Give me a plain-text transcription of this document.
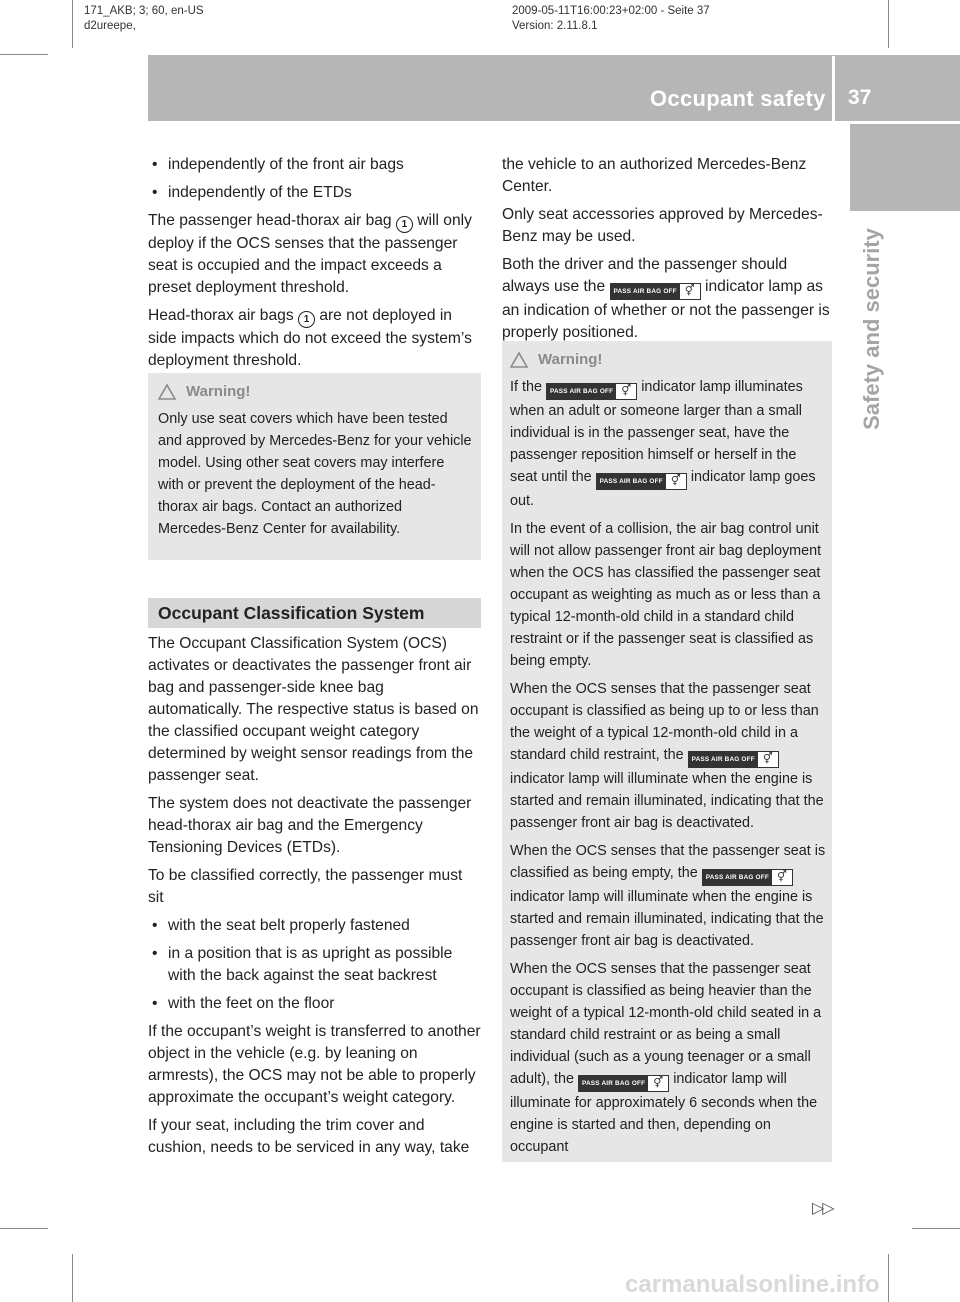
171_AKB; 3; 60, en-US
d2ureepe,
2009-05-11T16:00:23+02:00 - Seite 37
Version: 2.11.8.1
Occupant safety 37
Safety and security
• independently of the front air bags
• independently of the ETDs

The passenger head-thorax air bag 1 will only deploy if the OCS senses that the passenger seat is occupied and the impact exceeds a preset deployment threshold.

Head-thorax air bags 1 are not deployed in side impacts which do not exceed the system’s deployment threshold.

Warning!

Only use seat covers which have been tested and approved by Mercedes-Benz for your vehicle model. Using other seat covers may interfere with or prevent the deployment of the head-thorax air bags. Contact an authorized Mercedes-Benz Center for availability.

Occupant Classification System

The Occupant Classification System (OCS) activates or deactivates the passenger front air bag and passenger-side knee bag automatically. The respective status is based on the classified occupant weight category determined by weight sensor readings from the passenger seat.

The system does not deactivate the passenger head-thorax air bag and the Emergency Tensioning Devices (ETDs).

To be classified correctly, the passenger must sit

• with the seat belt properly fastened
• in a position that is as upright as possible with the back against the seat backrest
• with the feet on the floor

If the occupant’s weight is transferred to another object in the vehicle (e.g. by leaning on armrests), the OCS may not be able to properly approximate the occupant’s weight category.

If your seat, including the trim cover and cushion, needs to be serviced in any way, take

the vehicle to an authorized Mercedes-Benz Center.

Only seat accessories approved by Mercedes-Benz may be used.

Both the driver and the passenger should always use the	PASS AIR BAG OFF ⚥ indicator lamp as an indication of whether or not the passenger is properly positioned.

Warning!

If the	PASS AIR BAG OFF ⚥ indicator lamp illuminates when an adult or someone larger than a small individual is in the passenger seat, have the passenger reposition himself or herself in the seat until the	PASS AIR BAG OFF ⚥ indicator lamp goes out.

In the event of a collision, the air bag control unit will not allow passenger front air bag deployment when the OCS has classified the passenger seat occupant as weighting as much as or less than a typical 12-month-old child in a standard child restraint or if the passenger seat is classified as being empty.

When the OCS senses that the passenger seat occupant is classified as being up to or less than the weight of a typical 12-month-old child in a standard child restraint, the	PASS AIR BAG OFF ⚥
indicator lamp will illuminate when the engine is started and remain illuminated, indicating that the passenger front air bag is deactivated.

When the OCS senses that the passenger seat is classified as being empty, the	PASS AIR BAG OFF ⚥
indicator lamp will illuminate when the engine is started and remain illuminated, indicating that the passenger front air bag is deactivated.

When the OCS senses that the passenger seat occupant is classified as being heavier than the weight of a typical 12-month-old child seated in a standard child restraint or as being a small individual (such as a young teenager or a small adult), the	PASS AIR BAG OFF ⚥ indicator lamp will illuminate for approximately 6 seconds when the engine is started and then, depending on occupant

▷▷
carmanualsonline.info
